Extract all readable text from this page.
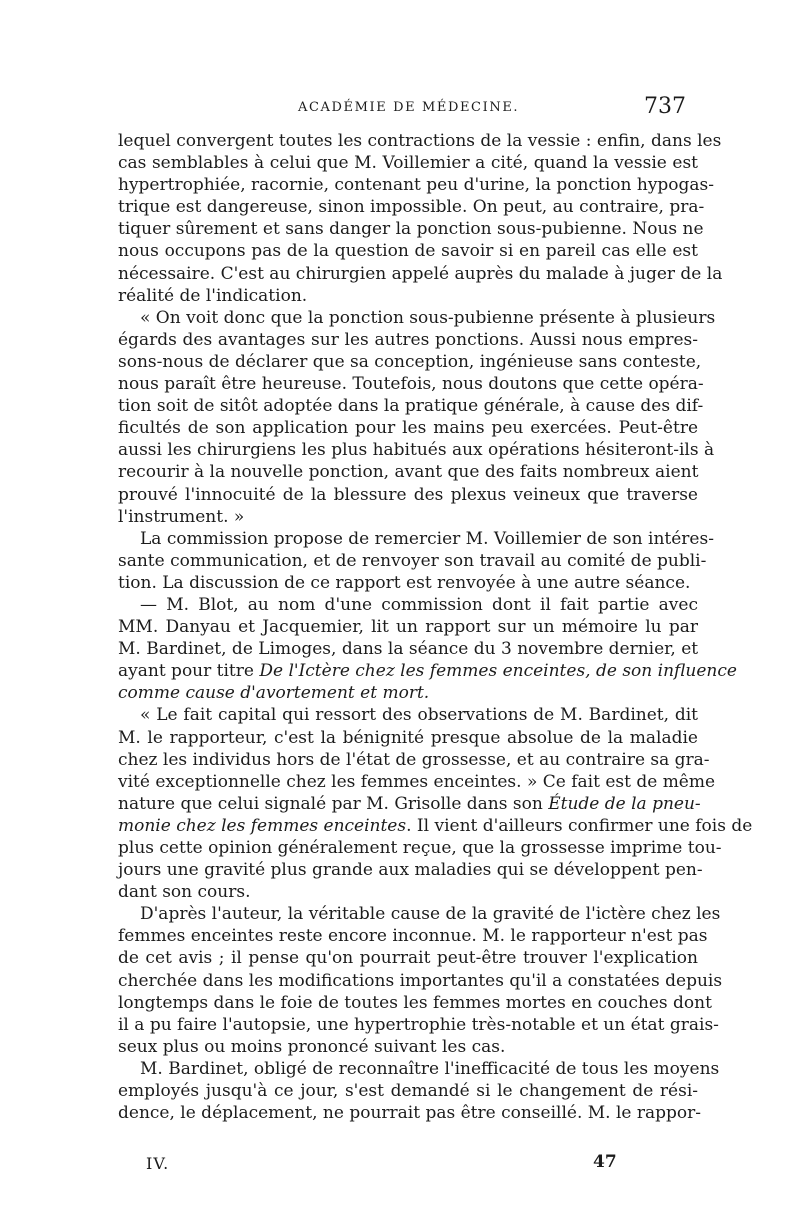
ACADÉMIE DE MÉDECINE.	737
lequel convergent toutes les contractions de la vessie : enfin, dans les
cas semblables à celui que M. Voillemier a cité, quand la vessie est
hypertrophiée, racornie, contenant peu d'urine, la ponction hypogas-
trique est dangereuse, sinon impossible. On peut, au contraire, pra-
tiquer sûrement et sans danger la ponction sous-pubienne. Nous ne
nous occupons pas de la question de savoir si en pareil cas elle est
nécessaire. C'est au chirurgien appelé auprès du malade à juger de la
réalité de l'indication.
« On voit donc que la ponction sous-pubienne présente à plusieurs
égards des avantages sur les autres ponctions. Aussi nous empres-
sons-nous de déclarer que sa conception, ingénieuse sans conteste,
nous paraît être heureuse. Toutefois, nous doutons que cette opéra-
tion soit de sitôt adoptée dans la pratique générale, à cause des dif-
ficultés de son application pour les mains peu exercées. Peut-être
aussi les chirurgiens les plus habitués aux opérations hésiteront-ils à
recourir à la nouvelle ponction, avant que des faits nombreux aient
prouvé l'innocuité de la blessure des plexus veineux que traverse
l'instrument. »
La commission propose de remercier M. Voillemier de son intéres-
sante communication, et de renvoyer son travail au comité de publi-
tion. La discussion de ce rapport est renvoyée à une autre séance.
— M. Blot, au nom d'une commission dont il fait partie avec
MM. Danyau et Jacquemier, lit un rapport sur un mémoire lu par
M. Bardinet, de Limoges, dans la séance du 3 novembre dernier, et
ayant pour titre De l'Ictère chez les femmes enceintes, de son influence
comme cause d'avortement et mort.
« Le fait capital qui ressort des observations de M. Bardinet, dit
M. le rapporteur, c'est la bénignité presque absolue de la maladie
chez les individus hors de l'état de grossesse, et au contraire sa gra-
vité exceptionnelle chez les femmes enceintes. » Ce fait est de même
nature que celui signalé par M. Grisolle dans son Étude de la pneu-
monie chez les femmes enceintes. Il vient d'ailleurs confirmer une fois de
plus cette opinion généralement reçue, que la grossesse imprime tou-
jours une gravité plus grande aux maladies qui se développent pen-
dant son cours.
D'après l'auteur, la véritable cause de la gravité de l'ictère chez les
femmes enceintes reste encore inconnue. M. le rapporteur n'est pas
de cet avis ; il pense qu'on pourrait peut-être trouver l'explication
cherchée dans les modifications importantes qu'il a constatées depuis
longtemps dans le foie de toutes les femmes mortes en couches dont
il a pu faire l'autopsie, une hypertrophie très-notable et un état grais-
seux plus ou moins prononcé suivant les cas.
M. Bardinet, obligé de reconnaître l'inefficacité de tous les moyens
employés jusqu'à ce jour, s'est demandé si le changement de rési-
dence, le déplacement, ne pourrait pas être conseillé. M. le rappor-
IV.	47
